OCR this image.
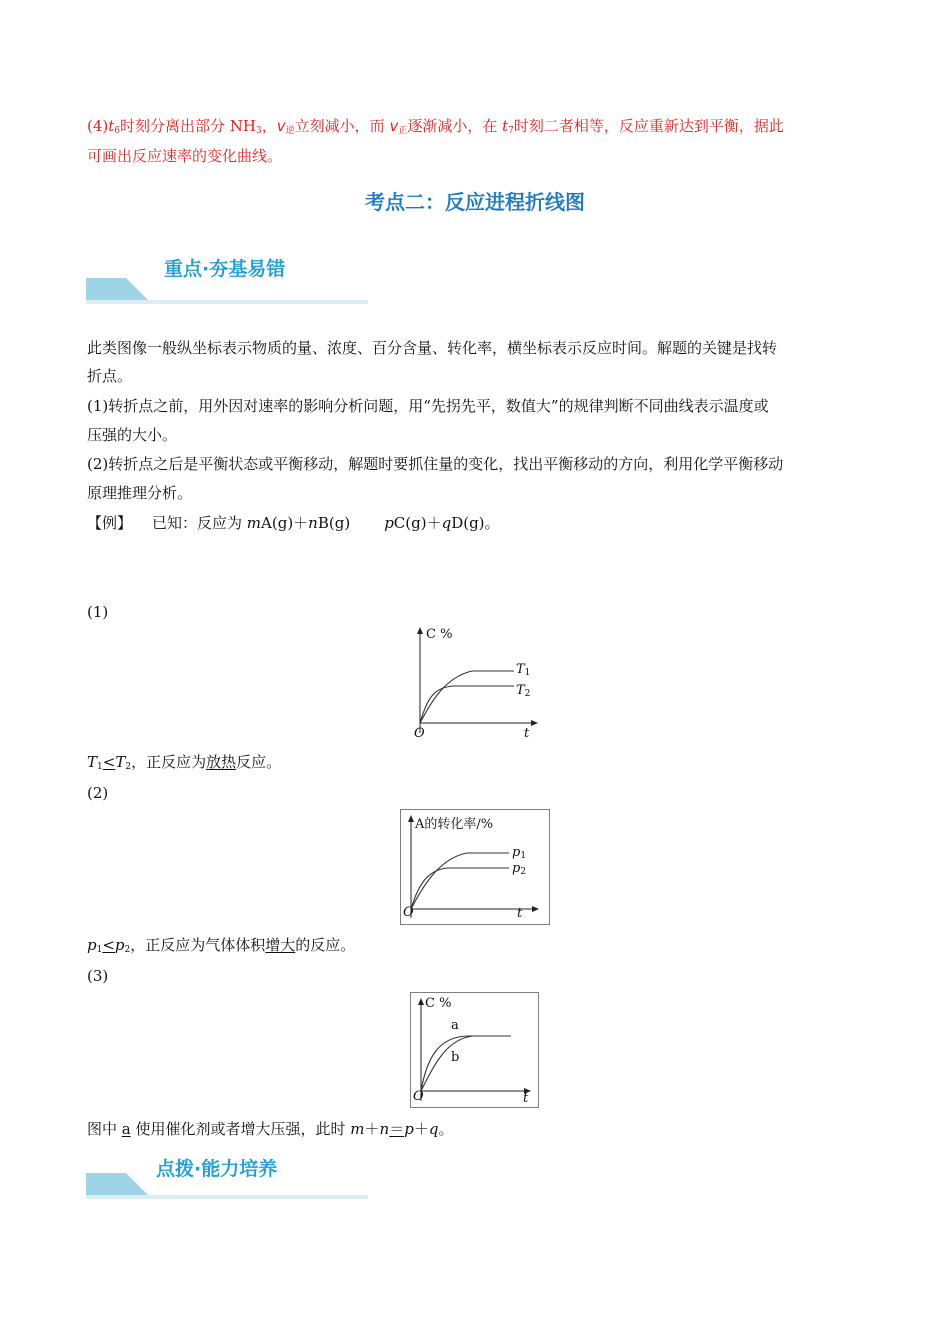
$(4)t_6$时刻分离出部分 $NH_3$，$v_逆$立刻减小，而 $v_正$逐渐减小，在 $t_7$时刻二者相等，反应重新达到平衡，据此
可画出反应速率的变化曲线。
考点二：反应进程折线图
重点·夯基易错
此类图像一般纵坐标表示物质的量、浓度、百分含量、转化率，横坐标表示反应时间。解题的关键是找转
折点。
(1)转折点之前，用外因对速率的影响分析问题，用“先拐先平，数值大”的规律判断不同曲线表示温度或
压强的大小。
(2)转折点之后是平衡状态或平衡移动，解题时要抓住量的变化，找出平衡移动的方向，利用化学平衡移动
原理推理分析。
【例】 已知：反应为 mA(g)＋nB(g) pC(g)＋qD(g)。
(1)
C %
O	t
$T_1$
$T_2$
$T_1<T_2$，正反应为放热反应。
(2)
A的转化率/%
O	t
$p_1$
$p_2$
$p_1<p_2$，正反应为气体体积增大的反应。
(3)
C %
O	t
a
b
图中 a 使用催化剂或者增大压强，此时 m＋n＝p＋q。
点拨·能力培养
